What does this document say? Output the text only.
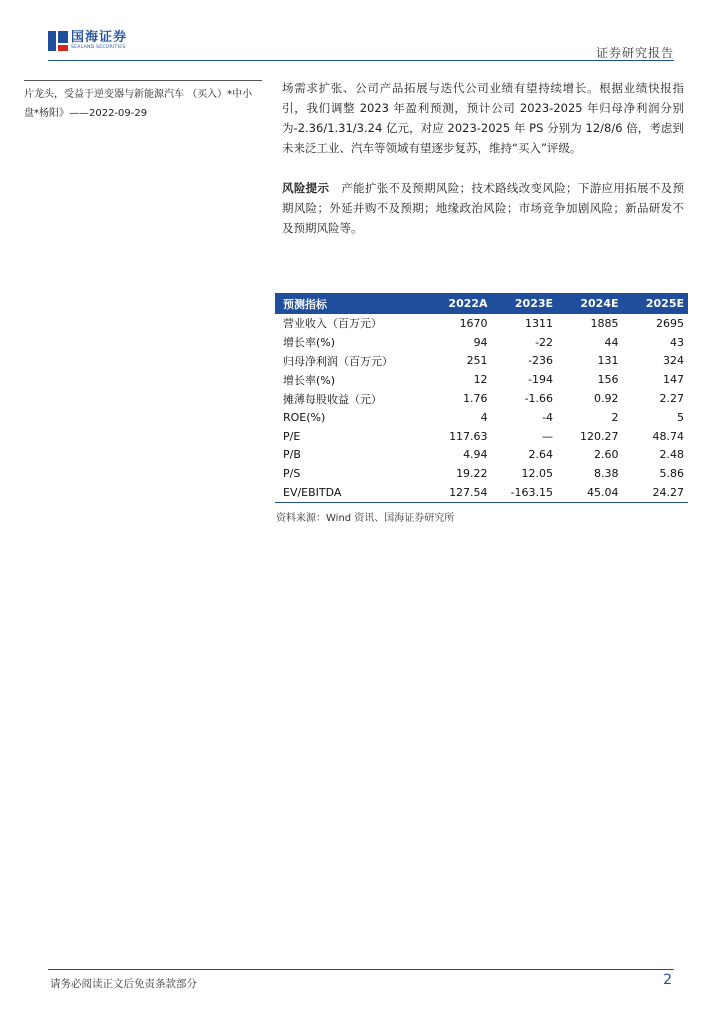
国海证券
SEALAND SECURITIES	证券研究报告
片龙头，受益于逆变器与新能源汽车 （买入）*中小盘*杨阳》——2022-09-29

场需求扩张、公司产品拓展与迭代公司业绩有望持续增长。根据业绩快报指引，我们调整 2023 年盈利预测，预计公司 2023-2025 年归母净利润分别为-2.36/1.31/3.24 亿元，对应 2023-2025 年 PS 分别为 12/8/6 倍，考虑到未来泛工业、汽车等领域有望逐步复苏，维持“买入”评级。

风险提示 产能扩张不及预期风险；技术路线改变风险；下游应用拓展不及预期风险；外延并购不及预期；地缘政治风险；市场竞争加剧风险；新品研发不及预期风险等。

预测指标	2022A	2023E	2024E	2025E
营业收入（百万元）	1670	1311	1885	2695
增长率(%)	94	-22	44	43
归母净利润（百万元）	251	-236	131	324
增长率(%)	12	-194	156	147
摊薄每股收益（元）	1.76	-1.66	0.92	2.27
ROE(%)	4	-4	2	5
P/E	117.63	—	120.27	48.74
P/B	4.94	2.64	2.60	2.48
P/S	19.22	12.05	8.38	5.86
EV/EBITDA	127.54	-163.15	45.04	24.27
资料来源：Wind 资讯、国海证券研究所
请务必阅读正文后免责条款部分	2
